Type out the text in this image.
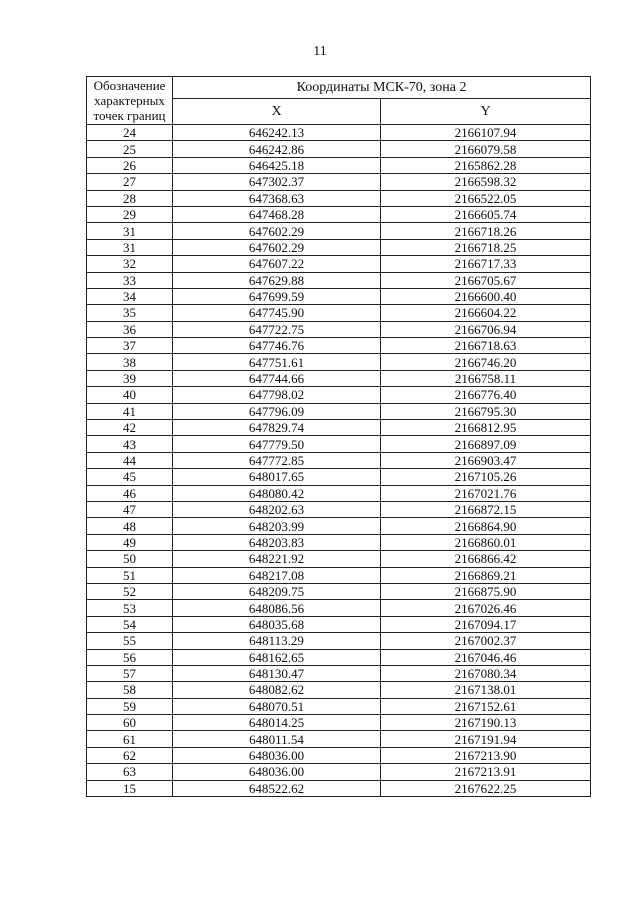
11
Обозначение характерных точек границ	Координаты МСК-70, зона 2	
	X	Y
24	646242.13	2166107.94
25	646242.86	2166079.58
26	646425.18	2165862.28
27	647302.37	2166598.32
28	647368.63	2166522.05
29	647468.28	2166605.74
31	647602.29	2166718.26
31	647602.29	2166718.25
32	647607.22	2166717.33
33	647629.88	2166705.67
34	647699.59	2166600.40
35	647745.90	2166604.22
36	647722.75	2166706.94
37	647746.76	2166718.63
38	647751.61	2166746.20
39	647744.66	2166758.11
40	647798.02	2166776.40
41	647796.09	2166795.30
42	647829.74	2166812.95
43	647779.50	2166897.09
44	647772.85	2166903.47
45	648017.65	2167105.26
46	648080.42	2167021.76
47	648202.63	2166872.15
48	648203.99	2166864.90
49	648203.83	2166860.01
50	648221.92	2166866.42
51	648217.08	2166869.21
52	648209.75	2166875.90
53	648086.56	2167026.46
54	648035.68	2167094.17
55	648113.29	2167002.37
56	648162.65	2167046.46
57	648130.47	2167080.34
58	648082.62	2167138.01
59	648070.51	2167152.61
60	648014.25	2167190.13
61	648011.54	2167191.94
62	648036.00	2167213.90
63	648036.00	2167213.91
15	648522.62	2167622.25
